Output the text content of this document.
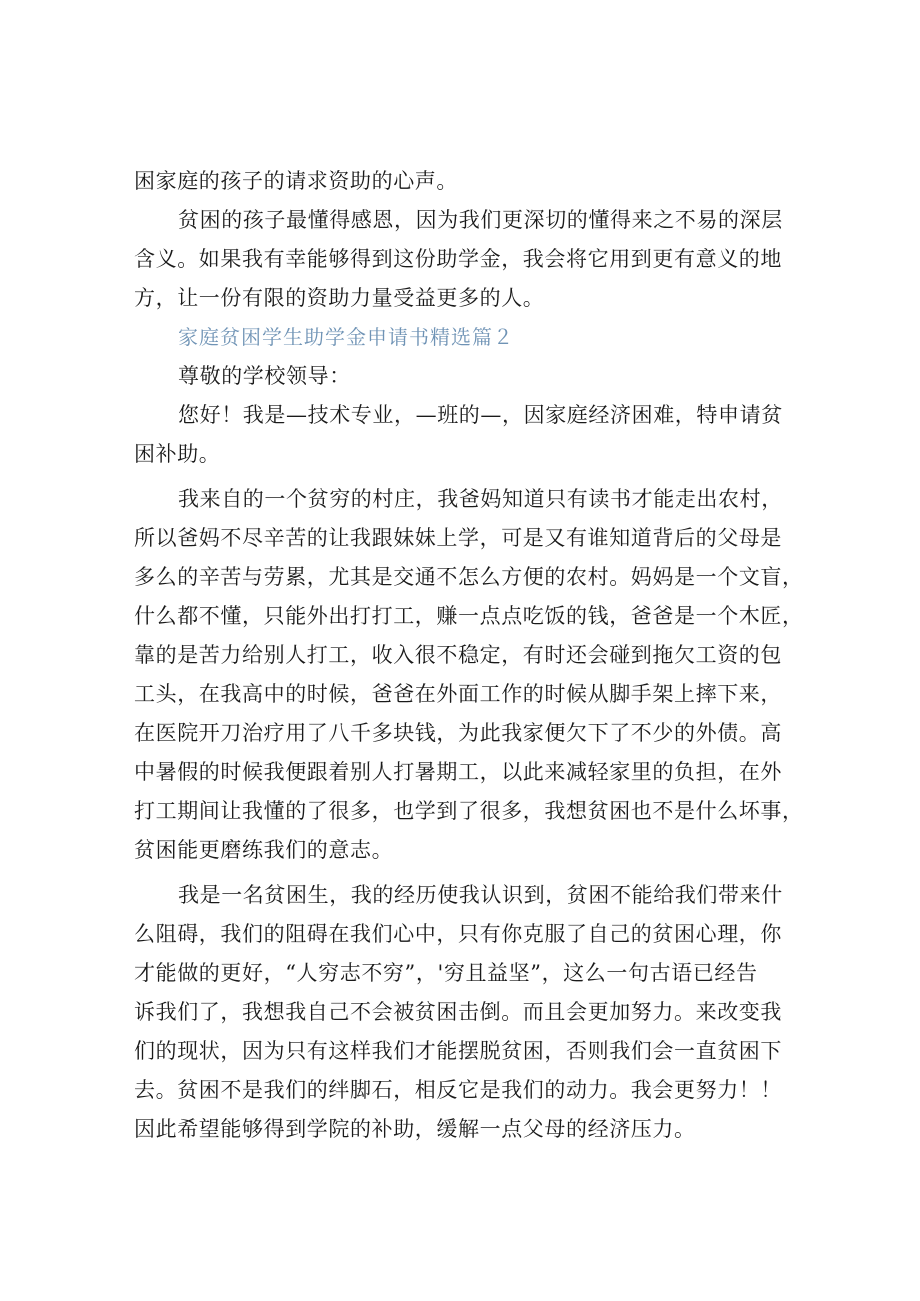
困家庭的孩子的请求资助的心声。
贫困的孩子最懂得感恩，因为我们更深切的懂得来之不易的深层
含义。如果我有幸能够得到这份助学金，我会将它用到更有意义的地
方，让一份有限的资助力量受益更多的人。
家庭贫困学生助学金申请书精选篇２
尊敬的学校领导：
您好！我是—技术专业，—班的—，因家庭经济困难，特申请贫
困补助。
我来自的一个贫穷的村庄，我爸妈知道只有读书才能走出农村，
所以爸妈不尽辛苦的让我跟妹妹上学，可是又有谁知道背后的父母是
多么的辛苦与劳累，尤其是交通不怎么方便的农村。妈妈是一个文盲，
什么都不懂，只能外出打打工，赚一点点吃饭的钱，爸爸是一个木匠，
靠的是苦力给别人打工，收入很不稳定，有时还会碰到拖欠工资的包
工头，在我高中的时候，爸爸在外面工作的时候从脚手架上摔下来，
在医院开刀治疗用了八千多块钱，为此我家便欠下了不少的外债。高
中暑假的时候我便跟着别人打暑期工，以此来减轻家里的负担，在外
打工期间让我懂的了很多，也学到了很多，我想贫困也不是什么坏事，
贫困能更磨练我们的意志。
我是一名贫困生，我的经历使我认识到，贫困不能给我们带来什
么阻碍，我们的阻碍在我们心中，只有你克服了自己的贫困心理，你
才能做的更好，“人穷志不穷”，'穷且益坚”，这么一句古语已经告
诉我们了，我想我自己不会被贫困击倒。而且会更加努力。来改变我
们的现状，因为只有这样我们才能摆脱贫困，否则我们会一直贫困下
去。贫困不是我们的绊脚石，相反它是我们的动力。我会更努力！！
因此希望能够得到学院的补助，缓解一点父母的经济压力。
